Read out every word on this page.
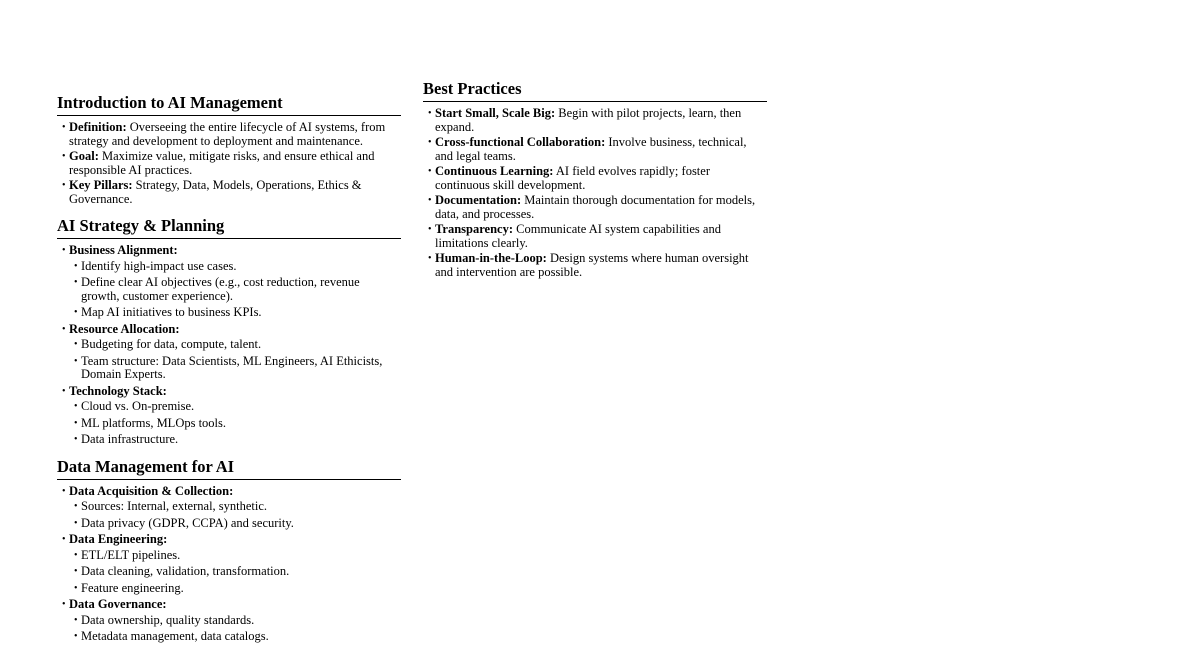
Introduction to AI Management
• Definition: Overseeing the entire lifecycle of AI systems, from strategy and development to deployment and maintenance.
• Goal: Maximize value, mitigate risks, and ensure ethical and responsible AI practices.
• Key Pillars: Strategy, Data, Models, Operations, Ethics & Governance.
AI Strategy & Planning
• Business Alignment:
• Identify high-impact use cases.
• Define clear AI objectives (e.g., cost reduction, revenue growth, customer experience).
• Map AI initiatives to business KPIs.
• Resource Allocation:
• Budgeting for data, compute, talent.
• Team structure: Data Scientists, ML Engineers, AI Ethicists, Domain Experts.
• Technology Stack:
• Cloud vs. On-premise.
• ML platforms, MLOps tools.
• Data infrastructure.
Data Management for AI
• Data Acquisition & Collection:
• Sources: Internal, external, synthetic.
• Data privacy (GDPR, CCPA) and security.
• Data Engineering:
• ETL/ELT pipelines.
• Data cleaning, validation, transformation.
• Feature engineering.
• Data Governance:
• Data ownership, quality standards.
• Metadata management, data catalogs.
Best Practices
• Start Small, Scale Big: Begin with pilot projects, learn, then expand.
• Cross-functional Collaboration: Involve business, technical, and legal teams.
• Continuous Learning: AI field evolves rapidly; foster continuous skill development.
• Documentation: Maintain thorough documentation for models, data, and processes.
• Transparency: Communicate AI system capabilities and limitations clearly.
• Human-in-the-Loop: Design systems where human oversight and intervention are possible.
